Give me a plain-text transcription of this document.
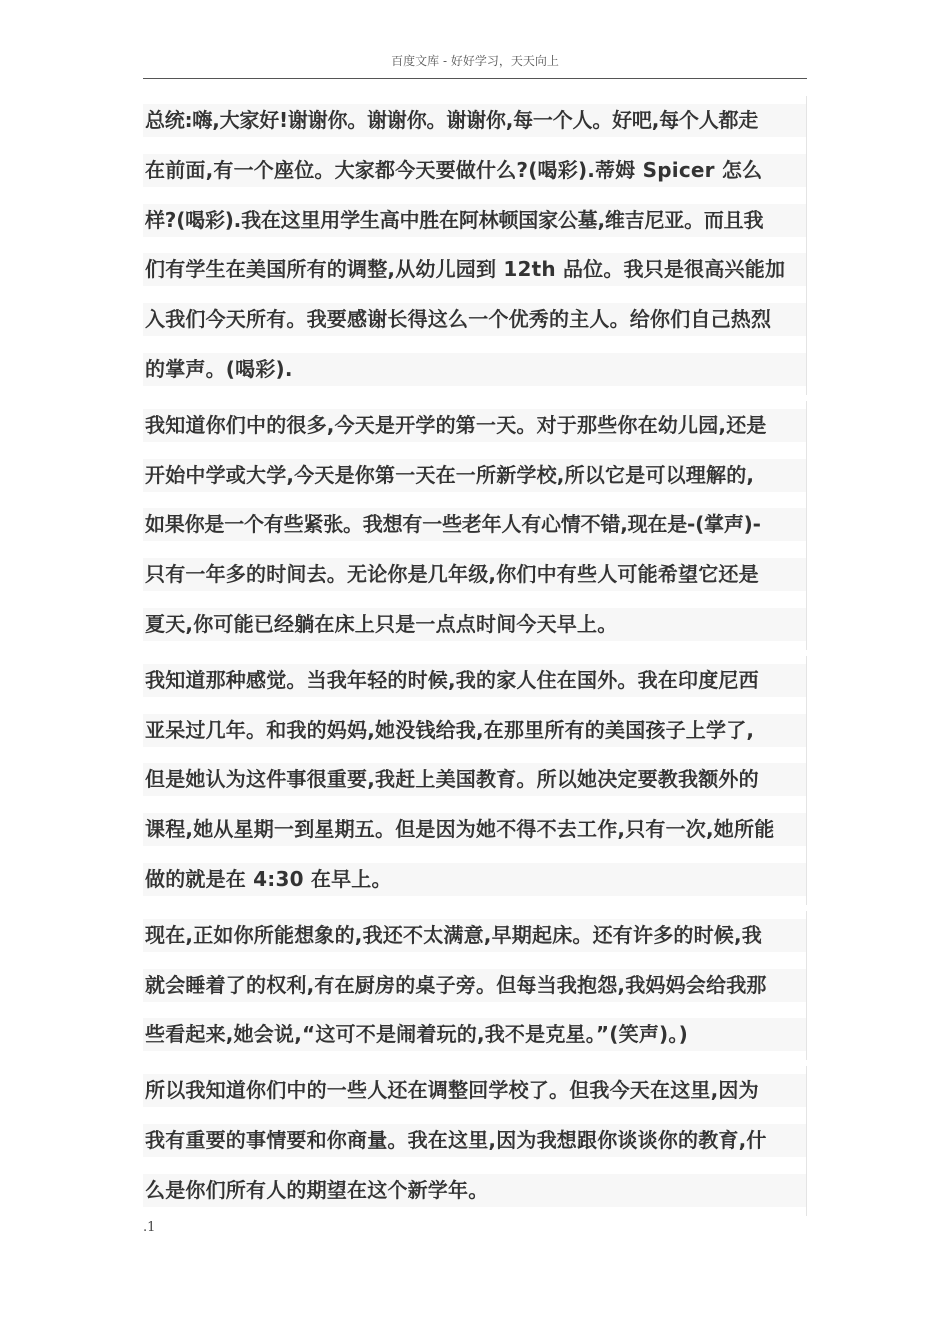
百度文库 - 好好学习，天天向上
总统:嗨,大家好!谢谢你。谢谢你。谢谢你,每一个人。好吧,每个人都走
在前面,有一个座位。大家都今天要做什么?(喝彩).蒂姆 Spicer 怎么
样?(喝彩).我在这里用学生高中胜在阿林顿国家公墓,维吉尼亚。而且我
们有学生在美国所有的调整,从幼儿园到 12th 品位。我只是很高兴能加
入我们今天所有。我要感谢长得这么一个优秀的主人。给你们自己热烈
的掌声。(喝彩).
我知道你们中的很多,今天是开学的第一天。对于那些你在幼儿园,还是
开始中学或大学,今天是你第一天在一所新学校,所以它是可以理解的,
如果你是一个有些紧张。我想有一些老年人有心情不错,现在是-(掌声)-
只有一年多的时间去。无论你是几年级,你们中有些人可能希望它还是
夏天,你可能已经躺在床上只是一点点时间今天早上。
我知道那种感觉。当我年轻的时候,我的家人住在国外。我在印度尼西
亚呆过几年。和我的妈妈,她没钱给我,在那里所有的美国孩子上学了,
但是她认为这件事很重要,我赶上美国教育。所以她决定要教我额外的
课程,她从星期一到星期五。但是因为她不得不去工作,只有一次,她所能
做的就是在 4:30 在早上。
现在,正如你所能想象的,我还不太满意,早期起床。还有许多的时候,我
就会睡着了的权利,有在厨房的桌子旁。但每当我抱怨,我妈妈会给我那
些看起来,她会说,“这可不是闹着玩的,我不是克星。”(笑声)。)
所以我知道你们中的一些人还在调整回学校了。但我今天在这里,因为
我有重要的事情要和你商量。我在这里,因为我想跟你谈谈你的教育,什
么是你们所有人的期望在这个新学年。
.1
